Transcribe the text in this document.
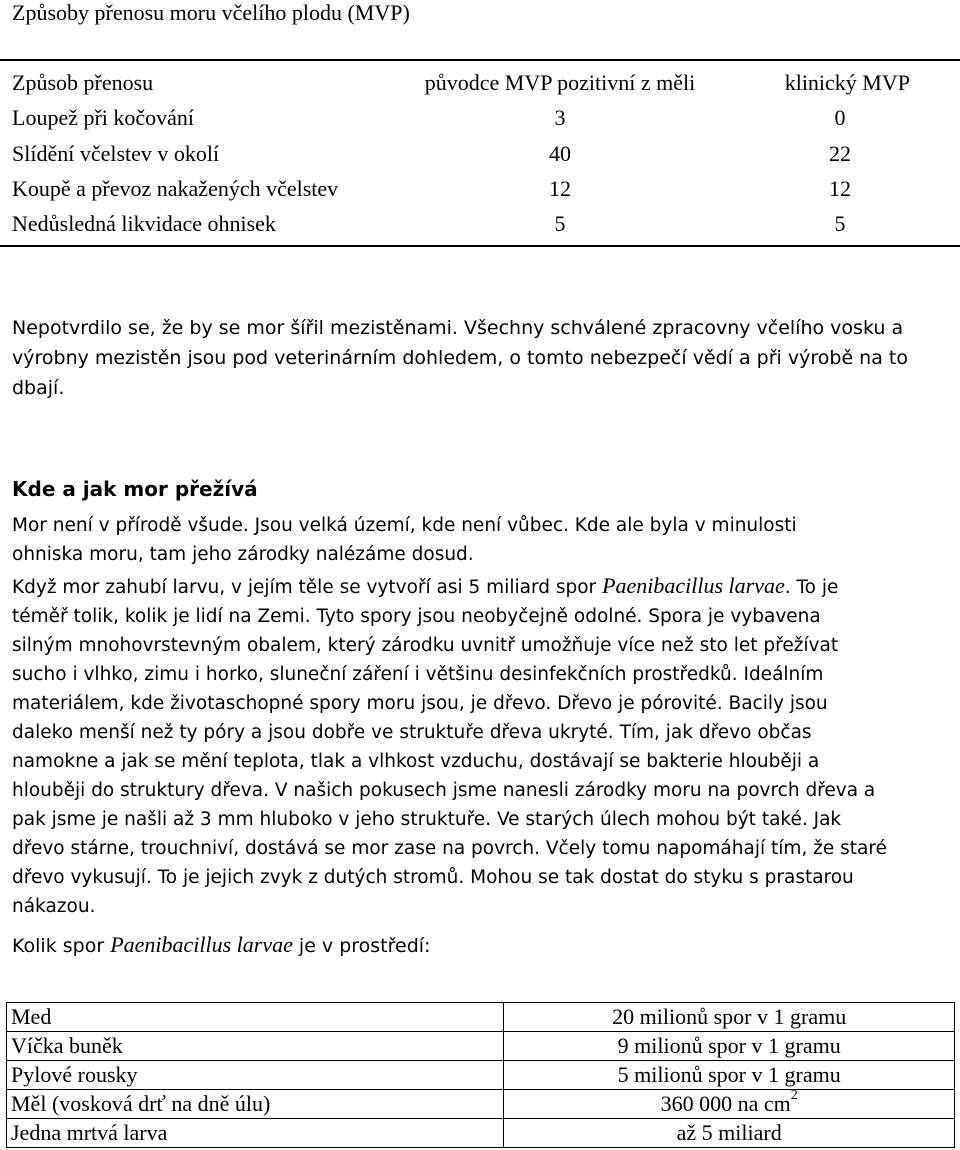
Způsoby přenosu moru včelího plodu (MVP)
Způsob přenosu	původce MVP pozitivní z měli	klinický MVP
Loupež při kočování	3	0
Slídění včelstev v okolí	40	22
Koupě a převoz nakažených včelstev	12	12
Nedůsledná likvidace ohnisek	5	5
Nepotvrdilo se, že by se mor šířil mezistěnami. Všechny schválené zpracovny včelího vosku a výrobny mezistěn jsou pod veterinárním dohledem, o tomto nebezpečí vědí a při výrobě na to dbají.
Kde a jak mor přežívá
Mor není v přírodě všude. Jsou velká území, kde není vůbec. Kde ale byla v minulosti
ohniska moru, tam jeho zárodky nalézáme dosud.
Když mor zahubí larvu, v jejím těle se vytvoří asi 5 miliard spor Paenibacillus larvae. To je
téměř tolik, kolik je lidí na Zemi. Tyto spory jsou neobyčejně odolné. Spora je vybavena
silným mnohovrstevným obalem, který zárodku uvnitř umožňuje více než sto let přežívat
sucho i vlhko, zimu i horko, sluneční záření i většinu desinfekčních prostředků. Ideálním
materiálem, kde životaschopné spory moru jsou, je dřevo. Dřevo je pórovité. Bacily jsou
daleko menší než ty póry a jsou dobře ve struktuře dřeva ukryté. Tím, jak dřevo občas
namokne a jak se mění teplota, tlak a vlhkost vzduchu, dostávají se bakterie hlouběji a
hlouběji do struktury dřeva. V našich pokusech jsme nanesli zárodky moru na povrch dřeva a
pak jsme je našli až 3 mm hluboko v jeho struktuře. Ve starých úlech mohou být také. Jak
dřevo stárne, trouchniví, dostává se mor zase na povrch. Včely tomu napomáhají tím, že staré
dřevo vykusují. To je jejich zvyk z dutých stromů. Mohou se tak dostat do styku s prastarou
nákazou.
Kolik spor Paenibacillus larvae je v prostředí:
Med	20 milionů spor v 1 gramu
Víčka buněk	9 milionů spor v 1 gramu
Pylové rousky	5 milionů spor v 1 gramu
Měl (vosková drť na dně úlu)	360 000 na $cm^2$
Jedna mrtvá larva	až 5 miliard
